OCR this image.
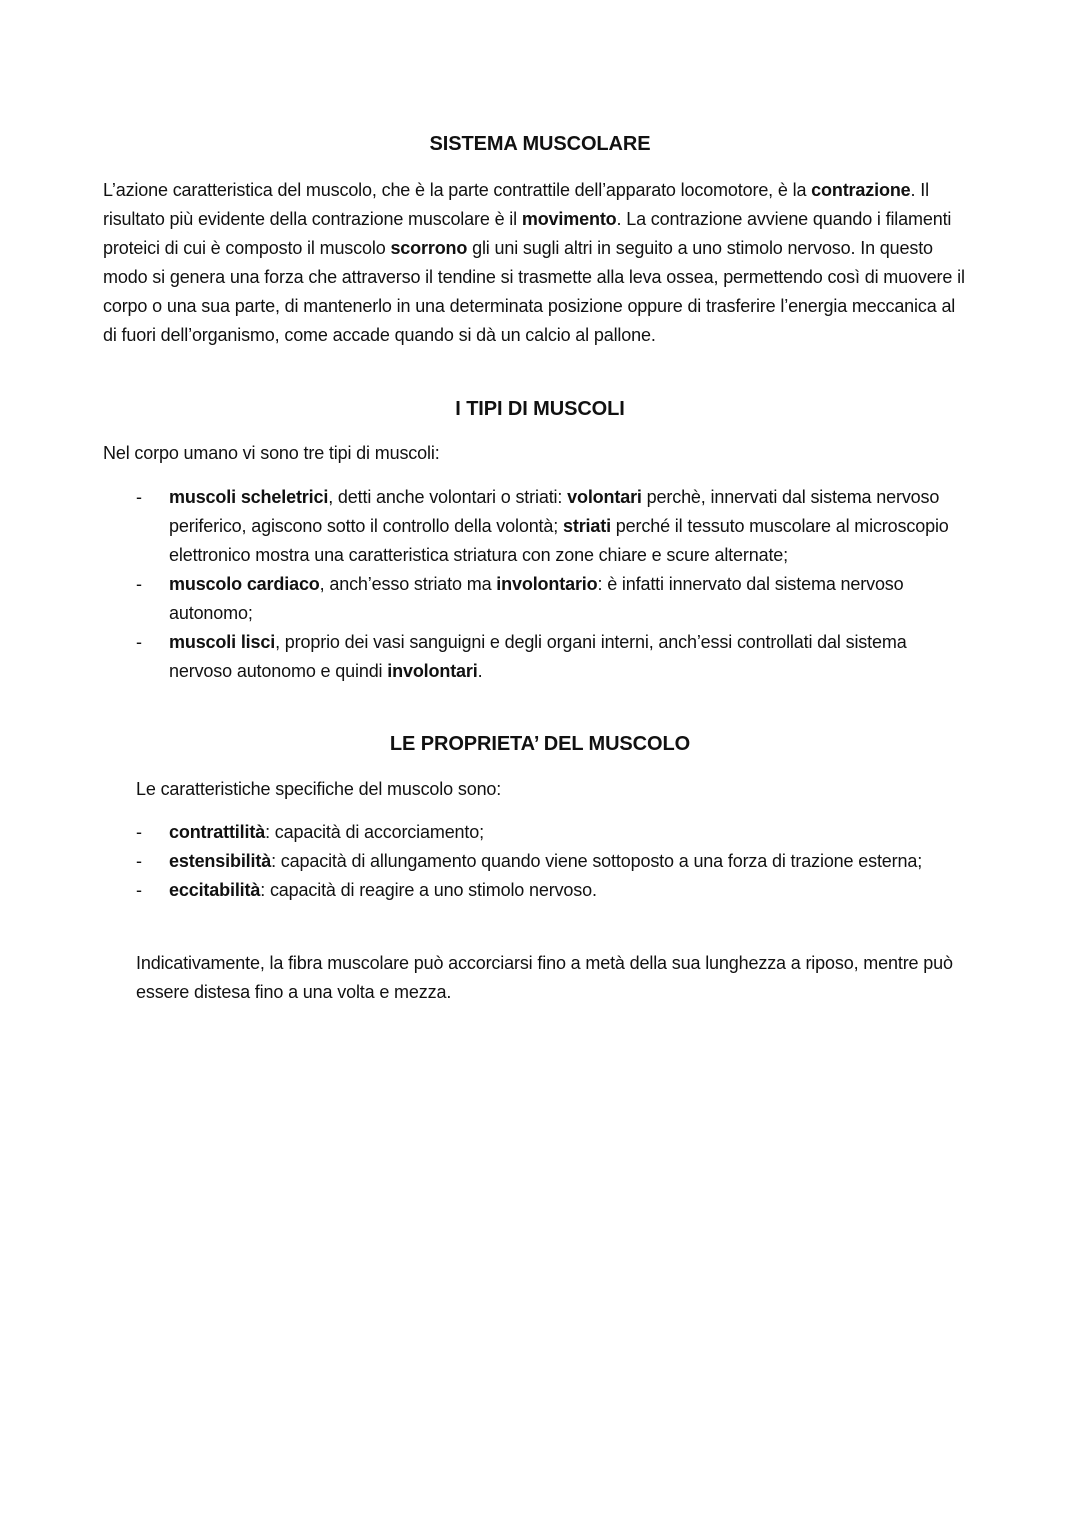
SISTEMA MUSCOLARE

L’azione caratteristica del muscolo, che è la parte contrattile dell’apparato locomotore, è la contrazione. Il risultato più evidente della contrazione muscolare è il movimento. La contrazione avviene quando i filamenti proteici di cui è composto il muscolo scorrono gli uni sugli altri in seguito a uno stimolo nervoso. In questo modo si genera una forza che attraverso il tendine si trasmette alla leva ossea, permettendo così di muovere il corpo o una sua parte, di mantenerlo in una determinata posizione oppure di trasferire l’energia meccanica al di fuori dell’organismo, come accade quando si dà un calcio al pallone.

I TIPI DI MUSCOLI

Nel corpo umano vi sono tre tipi di muscoli:

- muscoli scheletrici, detti anche volontari o striati: volontari perchè, innervati dal sistema nervoso periferico, agiscono sotto il controllo della volontà; striati perché il tessuto muscolare al microscopio elettronico mostra una caratteristica striatura con zone chiare e scure alternate;
- muscolo cardiaco, anch’esso striato ma involontario: è infatti innervato dal sistema nervoso autonomo;
- muscoli lisci, proprio dei vasi sanguigni e degli organi interni, anch’essi controllati dal sistema nervoso autonomo e quindi involontari.
LE PROPRIETA’ DEL MUSCOLO

Le caratteristiche specifiche del muscolo sono:

- contrattilità: capacità di accorciamento;
- estensibilità: capacità di allungamento quando viene sottoposto a una forza di trazione esterna;
- eccitabilità: capacità di reagire a uno stimolo nervoso.

Indicativamente, la fibra muscolare può accorciarsi fino a metà della sua lunghezza a riposo, mentre può essere distesa fino a una volta e mezza.
